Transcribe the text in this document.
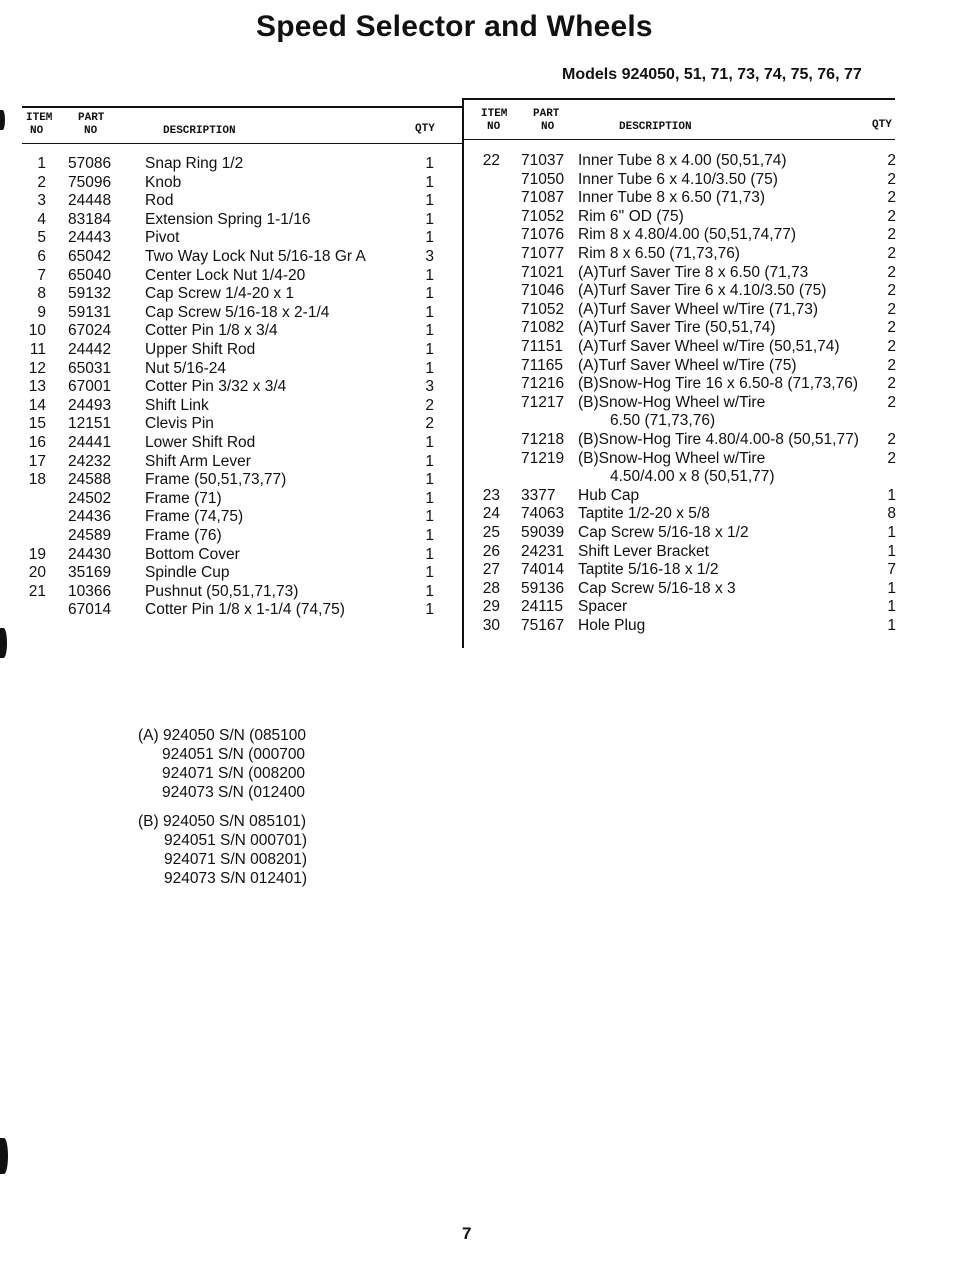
Speed Selector and Wheels
Models 924050, 51, 71, 73, 74, 75, 76, 77
ITEM
NO
PART
NO	DESCRIPTION	QTY
ITEM
NO
PART
NO	DESCRIPTION	QTY
1 57086 Snap Ring 1/2	1
2 75096 Knob	1
3 24448 Rod	1
4 83184 Extension Spring 1-1/16	1
5 24443 Pivot	1
6 65042 Two Way Lock Nut 5/16-18 Gr A	3
7 65040 Center Lock Nut 1/4-20	1
8 59132 Cap Screw 1/4-20 x 1	1
9 59131 Cap Screw 5/16-18 x 2-1/4	1
10 67024 Cotter Pin 1/8 x 3/4	1
11 24442 Upper Shift Rod	1
12 65031 Nut 5/16-24	1
13 67001 Cotter Pin 3/32 x 3/4	3
14 24493 Shift Link	2
15 12151 Clevis Pin	2
16 24441 Lower Shift Rod	1
17 24232 Shift Arm Lever	1
18 24588 Frame (50,51,73,77)	1
24502 Frame (71)	1
24436 Frame (74,75)	1
24589 Frame (76)	1
19 24430 Bottom Cover	1
20 35169 Spindle Cup	1
21 10366 Pushnut (50,51,71,73)	1
67014 Cotter Pin 1/8 x 1-1/4 (74,75)	1
22 71037 Inner Tube 8 x 4.00 (50,51,74)	2
71050 Inner Tube 6 x 4.10/3.50 (75)	2
71087 Inner Tube 8 x 6.50 (71,73)	2
71052 Rim 6'' OD (75)	2
71076 Rim 8 x 4.80/4.00 (50,51,74,77)	2
71077 Rim 8 x 6.50 (71,73,76)	2
71021 (A)Turf Saver Tire 8 x 6.50 (71,73	2
71046 (A)Turf Saver Tire 6 x 4.10/3.50 (75)	2
71052 (A)Turf Saver Wheel w/Tire (71,73)	2
71082 (A)Turf Saver Tire (50,51,74)	2
71151 (A)Turf Saver Wheel w/Tire (50,51,74)	2
71165 (A)Turf Saver Wheel w/Tire (75)	2
71216 (B)Snow-Hog Tire 16 x 6.50-8 (71,73,76)	2
71217 (B)Snow-Hog Wheel w/Tire	2
6.50 (71,73,76)
71218 (B)Snow-Hog Tire 4.80/4.00-8 (50,51,77)	2
71219 (B)Snow-Hog Wheel w/Tire	2
4.50/4.00 x 8 (50,51,77)
23 3377 Hub Cap	1
24 74063 Taptite 1/2-20 x 5/8	8
25 59039 Cap Screw 5/16-18 x 1/2	1
26 24231 Shift Lever Bracket	1
27 74014 Taptite 5/16-18 x 1/2	7
28 59136 Cap Screw 5/16-18 x 3	1
29 24115 Spacer	1
30 75167 Hole Plug	1
(A) 924050 S/N (085100
924051 S/N (000700
924071 S/N (008200
924073 S/N (012400
(B) 924050 S/N 085101)
924051 S/N 000701)
924071 S/N 008201)
924073 S/N 012401)
7
